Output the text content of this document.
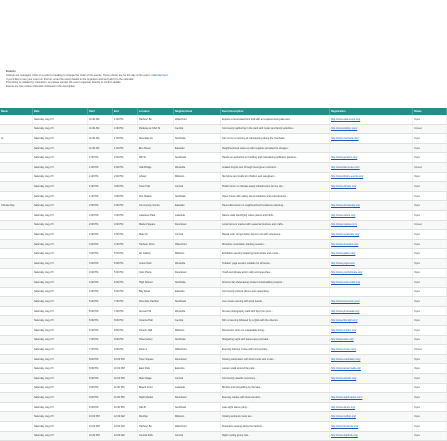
Events

Listings are managed. Click on a column heading to change the order of the events. Times shown are for the day of the event. Calendar feed

If you'd like to see your event on this list, email the event details to the organiser and we'll add it to the calendar.

This listing is collated by volunteers, so please contact the event organiser directly to confirm details.

Events are free unless otherwise indicated in the description.

Name	Date	Start	End	Location	Neighborhood	Event Description	Registration	Status
	Saturday, Aug 2 5	11:30 AM	1:00 PM	Harbour Bo	Waterfront	Explore a local waterfront trail with an experienced guide and...	http://www.walk-event.org/	Open
	Saturday, Aug 2 5	11:30 AM	1:00 PM	Parkway at 33rd St	Central	Community gathering in the park with music and family activities...	http://www.kidsfun.com/	Closed
ss	Saturday, Aug 2 5	11:30 AM	1:00 PM	Riverside Av	Northside	Join us for a morning of volunteering along the riverbank...	http://www.riverbank.org/	Open
	Saturday, Aug 2 5	11:30 AM	1:00 PM	Elm Street	Eastside	Neighbourhood clean-up with supplies provided for all ages...		Open
	Saturday, Aug 2 5	1:00 PM	2:00 PM	Mill St	Southside	Hands-on workshop on building and maintaining pollinator gardens...	http://www.gardens.org/	Open
	Saturday, Aug 2 5	1:00 PM	2:00 PM	Oak Bridge	Westside	Guided bicycle tour through local green corridors...	http://www.bikeroute.com/	Closed
	Saturday, Aug 2 5	1:00 PM	2:00 PM	Library	Midtown	Storytime and crafts for children and caregivers...	http://www.library-events.org/	Open
	Saturday, Aug 2 5	1:00 PM	3:00 PM	Town Hall	Central	Public forum on climate-ready infrastructure for the city...	http://www.climate.org/	Open
	Saturday, Aug 2 5	1:30 PM	3:00 PM	Fire Station	Northside	Open house with safety demonstrations and refreshments...		Open
Climate Day	Saturday, Aug 2 5	2:00 PM	4:00 PM	Community Centre	Eastside	Panel discussion on neighbourhood resilience planning...	http://www.climateday.org/	Open
	Saturday, Aug 2 5	2:00 PM	3:30 PM	Lakeview Park	Lakeside	Nature walk identifying native plants and birds...	http://www.nature.org/	Open
	Saturday, Aug 2 5	2:00 PM	4:00 PM	Market Square	Downtown	Local farmers market with seasonal produce and crafts...	http://www.market.com/	Closed
	Saturday, Aug 2 5	2:30 PM	4:00 PM	Main St	Central	Repair cafe: bring broken items to fix with volunteers...	http://www.repaircafe.org/	Open
	Saturday, Aug 2 5	3:00 PM	4:30 PM	Harbour Point	Waterfront	Shoreline restoration planting session...	http://www.shoreline.org/	Open
	Saturday, Aug 2 5	3:00 PM	5:00 PM	Art Gallery	Midtown	Exhibition opening featuring local artists and music...	http://www.gallery.org/	Open
	Saturday, Aug 2 5	3:30 PM	5:00 PM	Grove Park	Westside	Outdoor yoga session suitable for all levels...	http://www.yoga.com/	Open
	Saturday, Aug 2 5	4:00 PM	5:30 PM	Civic Plaza	Downtown	Youth-led climate action rally and speeches...	http://www.youthclimate.org/	Open
	Saturday, Aug 2 5	4:00 PM	6:00 PM	High School	Northside	Science fair showcasing student sustainability projects...	http://www.sciencefair.org/	Open
	Saturday, Aug 2 5	4:30 PM	6:00 PM	Bay Road	Eastside	Community potluck dinner and networking...		Open
	Saturday, Aug 2 5	5:00 PM	7:00 PM	Riverside Pavilion	Southside	Live music evening with local bands...	http://www.livemusic.com/	Open
	Saturday, Aug 2 5	5:30 PM	7:00 PM	Sunset Hill	Westside	Sunset photography walk with tips from pros...	http://www.photowalk.org/	Open
	Saturday, Aug 2 5	6:00 PM	8:00 PM	Cinema Hall	Central	Film screening followed by a Q&A with the director...	http://www.filmnight.org/	Open
	Saturday, Aug 2 5	6:30 PM	8:00 PM	Church Hall	Midtown	Discussion circle on sustainable living...	http://www.sustain.org/	Open
	Saturday, Aug 2 5	7:00 PM	9:00 PM	Observatory	Northside	Stargazing night with telescopes provided...	http://www.stars.org/	Open
	Saturday, Aug 2 5	7:30 PM	9:00 PM	Dock 4	Waterfront	Evening harbour cruise with commentary...	http://www.cruise.com/	Closed
	Saturday, Aug 2 5	8:00 PM	10:00 PM	Town Square	Downtown	Closing celebration with food trucks and music...	http://www.celebration.org/	Open
	Saturday, Aug 2 5	8:00 PM	10:00 PM	East Park	Eastside	Lantern walk around the park...	http://www.lanternwalk.org/	Open
	Saturday, Aug 2 5	8:30 PM	10:00 PM	Main Stage	Central	Community awards ceremony...	http://www.awards.org/	Open
	Saturday, Aug 2 5	9:00 PM	11:00 PM	Beach Front	Lakeside	Bonfire and storytelling by the lake...		Open
	Saturday, Aug 2 5	9:00 PM	11:00 PM	Night Market	Downtown	Evening market with local vendors...	http://www.nightmarket.com/	Open
	Saturday, Aug 2 5	9:30 PM	11:30 PM	Hall B	Southside	Late-night dance party...	http://www.dance.org/	Open
	Saturday, Aug 2 5	10:00 PM	12:00 AM	Rooftop	Midtown	Closing ambient music set...	http://www.rooftop.org/	Open
	Saturday, Aug 2 5	10:00 PM	12:00 AM	Harbour Bo	Waterfront	Fireworks viewing along the harbour...	http://www.fireworks.org/	Open
	Saturday, Aug 2 5	10:30 PM	12:00 AM	Central Park	Central	Night cycling group ride...	http://www.nightride.org/	Open
